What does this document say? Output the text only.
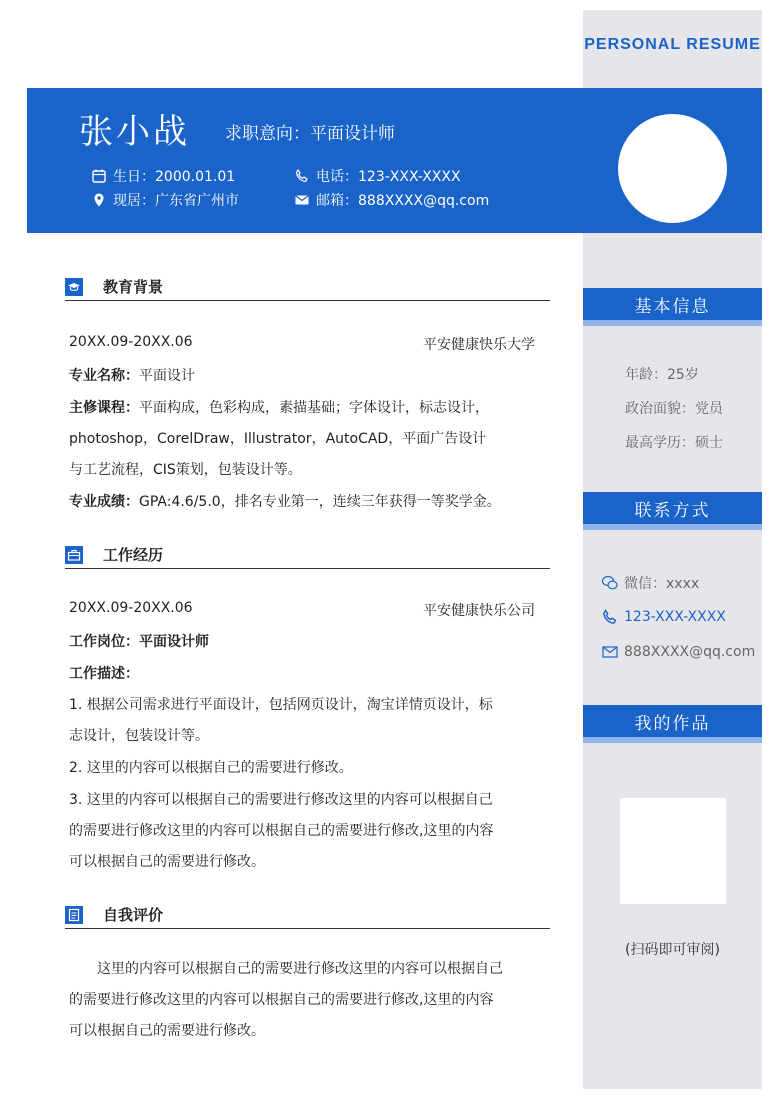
PERSONAL RESUME
张小战 求职意向：平面设计师
生日：2000.01.01
现居：广东省广州市
电话：123-XXX-XXXX
邮箱：888XXXX@qq.com
教育背景
20XX.09-20XX.06	平安健康快乐大学
专业名称：平面设计
主修课程：平面构成，色彩构成，素描基础；字体设计，标志设计，
photoshop，CorelDraw，Illustrator，AutoCAD，平面广告设计
与工艺流程，CIS策划，包装设计等。
专业成绩：GPA:4.6/5.0，排名专业第一，连续三年获得一等奖学金。
工作经历
20XX.09-20XX.06	平安健康快乐公司
工作岗位：平面设计师
工作描述：
1. 根据公司需求进行平面设计，包括网页设计，淘宝详情页设计，标
志设计，包装设计等。
2. 这里的内容可以根据自己的需要进行修改。
3. 这里的内容可以根据自己的需要进行修改这里的内容可以根据自己
的需要进行修改这里的内容可以根据自己的需要进行修改,这里的内容
可以根据自己的需要进行修改。
自我评价
这里的内容可以根据自己的需要进行修改这里的内容可以根据自己
的需要进行修改这里的内容可以根据自己的需要进行修改,这里的内容
可以根据自己的需要进行修改。
基本信息
年龄：25岁
政治面貌：党员
最高学历：硕士
联系方式
微信：xxxx
123-XXX-XXXX
888XXXX@qq.com
我的作品
(扫码即可审阅)
